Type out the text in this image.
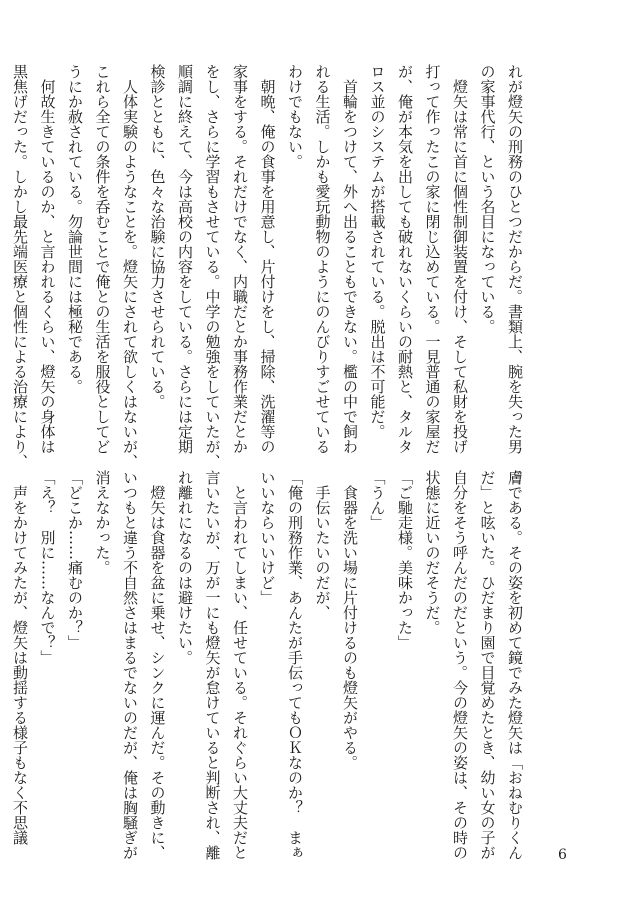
れが燈矢の刑務のひとつだからだ。書類上、腕を失った男
の家事代行、という名目になっている。
　燈矢は常に首に個性制御装置を付け、そして私財を投げ
打って作ったこの家に閉じ込めている。一見普通の家屋だ
が、俺が本気を出しても破れないくらいの耐熱と、タルタ
ロス並のシステムが搭載されている。脱出は不可能だ。
　首輪をつけて、外へ出ることもできない。檻の中で飼わ
れる生活。しかも愛玩動物のようにのんびりすごせている
わけでもない。
　朝晩、俺の食事を用意し、片付けをし、掃除、洗濯等の
家事をする。それだけでなく、内職だとか事務作業だとか
をし、さらに学習もさせている。中学の勉強をしていたが、
順調に終えて、今は高校の内容をしている。さらには定期
検診とともに、色々な治験に協力させられている。
　人体実験のようなことを。燈矢にされて欲しくはないが、
これら全ての条件を呑むことで俺との生活を服役としてど
うにか赦されている。勿論世間には極秘である。
　何故生きているのか、と言われるくらい、燈矢の身体は
黒焦げだった。しかし最先端医療と個性による治療により、
膚である。その姿を初めて鏡でみた燈矢は「おねむりくん
だ」と呟いた。ひだまり園で目覚めたとき、幼い女の子が
自分をそう呼んだのだという。今の燈矢の姿は、その時の
状態に近いのだそうだ。
「ご馳走様。美味かった」
「うん」
　食器を洗い場に片付けるのも燈矢がやる。
　手伝いたいのだが、
「俺の刑務作業、あんたが手伝ってもＯＫなのか？　まぁ
いいならいいけど」
　と言われてしまい、任せている。それぐらい大丈夫だと
言いたいが、万が一にも燈矢が怠けていると判断され、離
れ離れになるのは避けたい。
　燈矢は食器を盆に乗せ、シンクに運んだ。その動きに、
いつもと違う不自然さはまるでないのだが、俺は胸騒ぎが
消えなかった。
「どこか……痛むのか？」
「え？　別に……なんで？」
　声をかけてみたが、燈矢は動揺する様子もなく不思議
6
